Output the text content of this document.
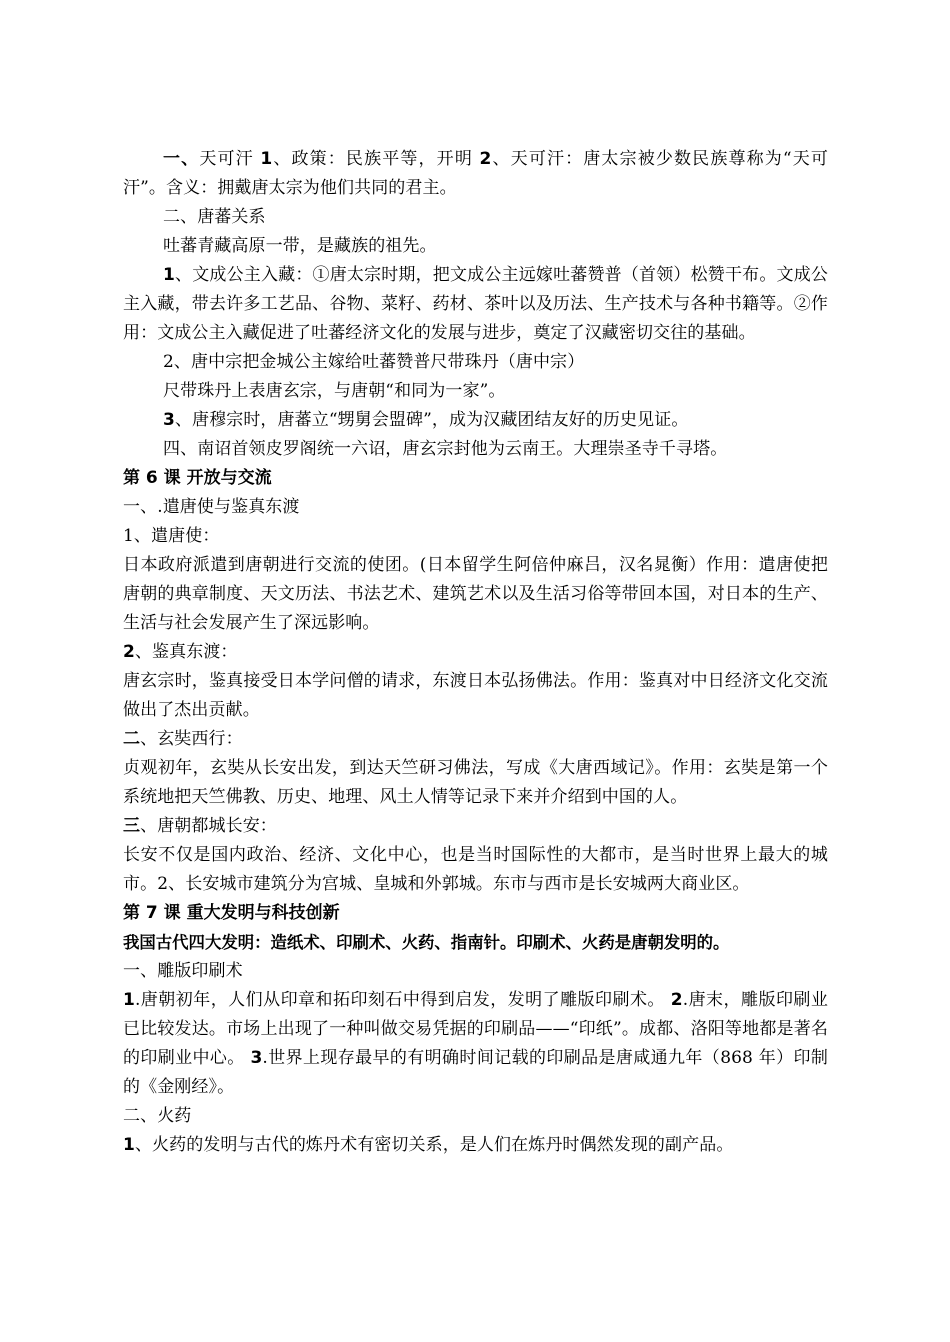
一、天可汗 1、政策：民族平等，开明 2、天可汗：唐太宗被少数民族尊称为“天可汗”。含义：拥戴唐太宗为他们共同的君主。

二、唐蕃关系

吐蕃青藏高原一带，是藏族的祖先。

1、文成公主入藏：①唐太宗时期，把文成公主远嫁吐蕃赞普（首领）松赞干布。文成公主入藏，带去许多工艺品、谷物、菜籽、药材、茶叶以及历法、生产技术与各种书籍等。②作用：文成公主入藏促进了吐蕃经济文化的发展与进步，奠定了汉藏密切交往的基础。

2、唐中宗把金城公主嫁给吐蕃赞普尺带珠丹（唐中宗）

尺带珠丹上表唐玄宗，与唐朝“和同为一家”。

3、唐穆宗时，唐蕃立“甥舅会盟碑”，成为汉藏团结友好的历史见证。

四、南诏首领皮罗阁统一六诏，唐玄宗封他为云南王。大理崇圣寺千寻塔。

第 6 课 开放与交流

一、.遣唐使与鉴真东渡

1、遣唐使：

日本政府派遣到唐朝进行交流的使团。(日本留学生阿倍仲麻吕，汉名晁衡）作用：遣唐使把唐朝的典章制度、天文历法、书法艺术、建筑艺术以及生活习俗等带回本国，对日本的生产、生活与社会发展产生了深远影响。

2、鉴真东渡：

唐玄宗时，鉴真接受日本学问僧的请求，东渡日本弘扬佛法。作用：鉴真对中日经济文化交流做出了杰出贡献。

二、玄奘西行：

贞观初年，玄奘从长安出发，到达天竺研习佛法，写成《大唐西域记》。作用：玄奘是第一个系统地把天竺佛教、历史、地理、风土人情等记录下来并介绍到中国的人。

三、唐朝都城长安：

长安不仅是国内政治、经济、文化中心，也是当时国际性的大都市，是当时世界上最大的城市。2、长安城市建筑分为宫城、皇城和外郭城。东市与西市是长安城两大商业区。

第 7 课 重大发明与科技创新

我国古代四大发明：造纸术、印刷术、火药、指南针。印刷术、火药是唐朝发明的。

一、雕版印刷术

1.唐朝初年，人们从印章和拓印刻石中得到启发，发明了雕版印刷术。 2.唐末，雕版印刷业已比较发达。市场上出现了一种叫做交易凭据的印刷品——“印纸”。成都、洛阳等地都是著名的印刷业中心。 3.世界上现存最早的有明确时间记载的印刷品是唐咸通九年（868 年）印制的《金刚经》。

二、火药

1、火药的发明与古代的炼丹术有密切关系，是人们在炼丹时偶然发现的副产品。
